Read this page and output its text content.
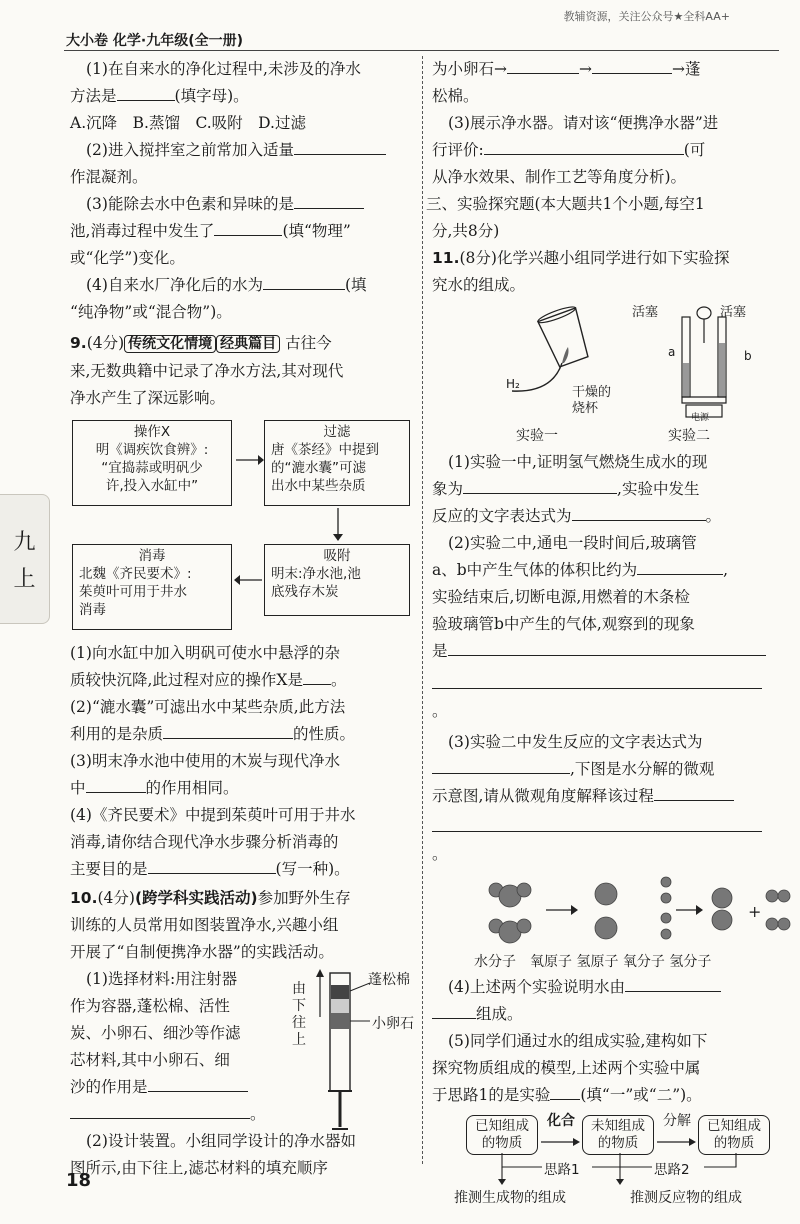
大小卷 化学·九年级(全一册)
教辅资源，关注公众号★全科AA+
九
上

(1)在自来水的净化过程中,未涉及的净水

方法是	(填字母)。

A.沉降　B.蒸馏　C.吸附　D.过滤

(2)进入搅拌室之前常加入适量

作混凝剂。

(3)能除去水中色素和异味的是

池,消毒过程中发生了	(填“物理”

或“化学”)变化。

(4)自来水厂净化后的水为	(填

“纯净物”或“混合物”)。

9.(4分) 传统文化情境 经典篇目 古往今

来,无数典籍中记录了净水方法,其对现代

净水产生了深远影响。

操作X
明《调疾饮食辨》:
“宜捣蒜或明矾少
许,投入水缸中”
过滤
唐《茶经》中提到
的“漉水囊”可滤
出水中某些杂质
吸附
明末:净水池,池
底残存木炭
消毒
北魏《齐民要术》:
茱萸叶可用于井水
消毒

(1)向水缸中加入明矾可使水中悬浮的杂

质较快沉降,此过程对应的操作X是 。

(2)“漉水囊”可滤出水中某些杂质,此方法

利用的是杂质	的性质。

(3)明末净水池中使用的木炭与现代净水

中	的作用相同。

(4)《齐民要术》中提到茱萸叶可用于井水

消毒,请你结合现代净水步骤分析消毒的

主要目的是	(写一种)。

10.(4分)(跨学科实践活动)参加野外生存

训练的人员常用如图装置净水,兴趣小组

开展了“自制便携净水器”的实践活动。

(1)选择材料:用注射器

作为容器,蓬松棉、活性

炭、小卵石、细沙等作滤

芯材料,其中小卵石、细

沙的作用是

。

由下往上
蓬松棉
小卵石

(2)设计装置。小组同学设计的净水器如

图所示,由下往上,滤芯材料的填充顺序

为小卵石→	→	→蓬

松棉。

(3)展示净水器。请对该“便携净水器”进

行评价:	(可

从净水效果、制作工艺等角度分析)。

三、实验探究题(本大题共1个小题,每空1

分,共8分)

11.(8分)化学兴趣小组同学进行如下实验探

究水的组成。

H₂
干燥的
烧杯
活塞	活塞
a	b
电源
实验一	实验二

(1)实验一中,证明氢气燃烧生成水的现

象为	,实验中发生

反应的文字表达式为	。

(2)实验二中,通电一段时间后,玻璃管

a、b中产生气体的体积比约为	,

实验结束后,切断电源,用燃着的木条检

验玻璃管b中产生的气体,观察到的现象

是

。

(3)实验二中发生反应的文字表达式为

,下图是水分解的微观

示意图,请从微观角度解释该过程

。

+

水分子　氧原子 氢原子 氧分子 氢分子

(4)上述两个实验说明水由

组成。

(5)同学们通过水的组成实验,建构如下

探究物质组成的模型,上述两个实验中属

于思路1的是实验 (填“一”或“二”)。

已知组成
的物质
化合	未知组成
的物质
分解	已知组成
的物质
思路1	思路2
推测生成物的组成	推测反应物的组成
18
